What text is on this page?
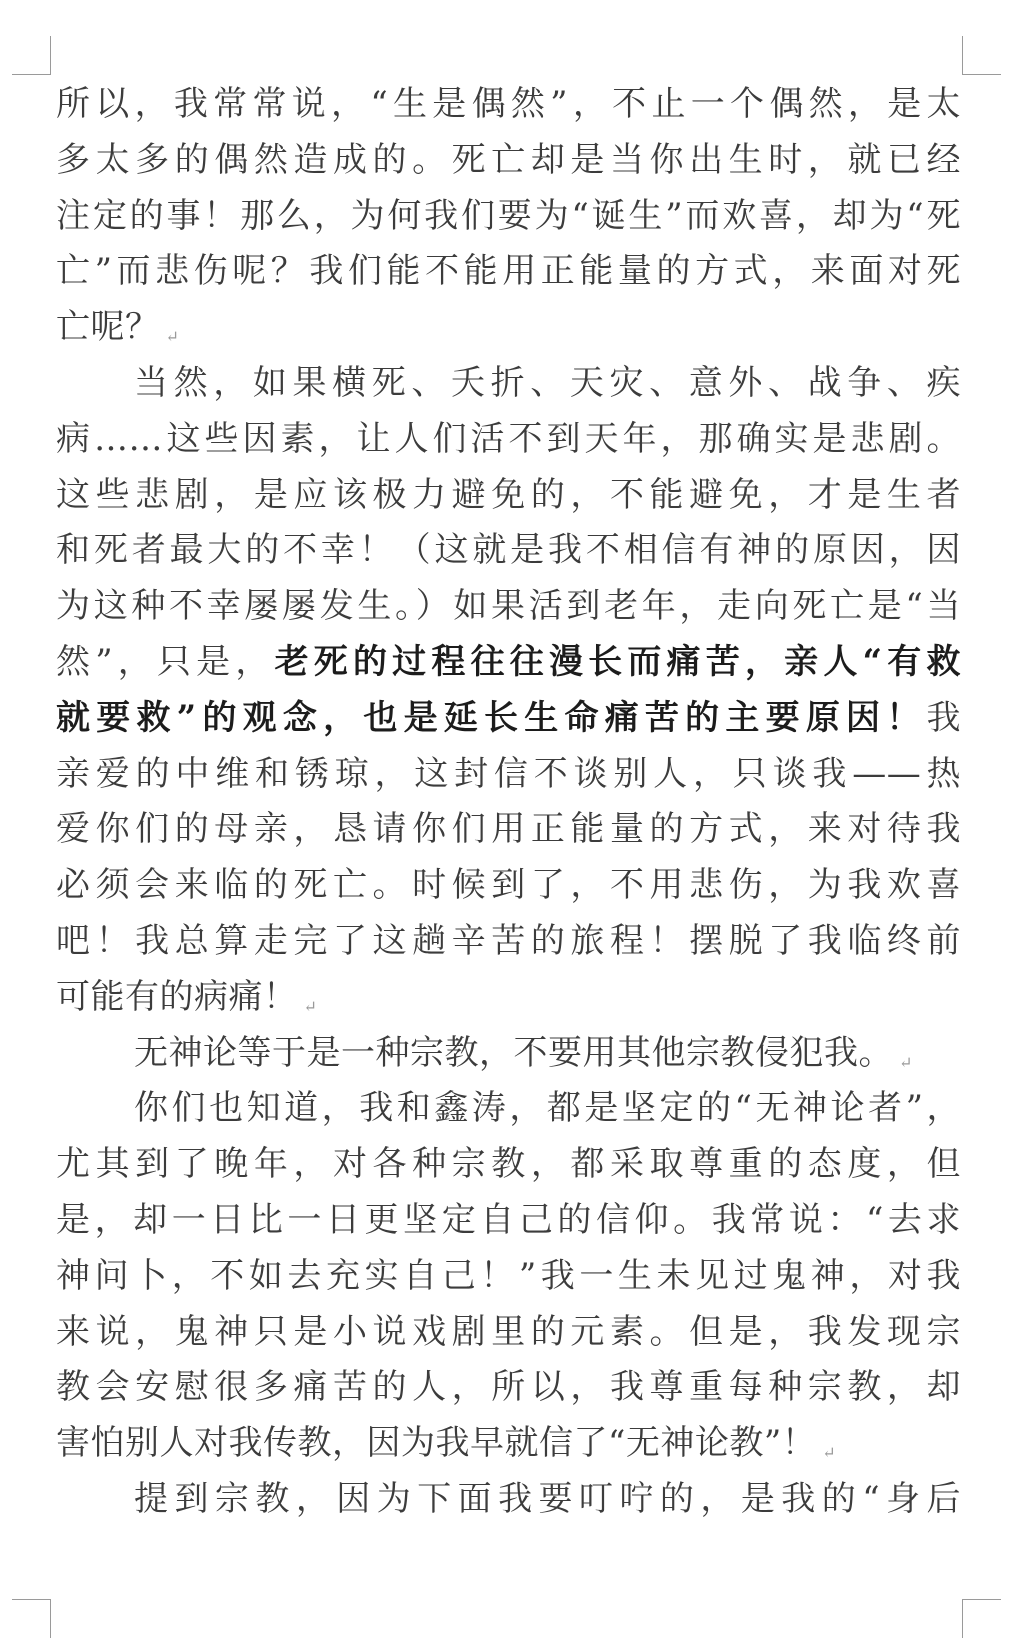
所以，我常常说，“生是偶然”，不止一个偶然，是太
多太多的偶然造成的。死亡却是当你出生时，就已经
注定的事！那么，为何我们要为“诞生”而欢喜，却为“死
亡”而悲伤呢？我们能不能用正能量的方式，来面对死
亡呢？ ↵
当然，如果横死、夭折、天灾、意外、战争、疾
病……这些因素，让人们活不到天年，那确实是悲剧。
这些悲剧，是应该极力避免的，不能避免，才是生者
和死者最大的不幸！（这就是我不相信有神的原因，因
为这种不幸屡屡发生。）如果活到老年，走向死亡是“当
然”，只是，老死的过程往往漫长而痛苦，亲人“有救
就要救”的观念，也是延长生命痛苦的主要原因！我
亲爱的中维和锈琼，这封信不谈别人，只谈我——热
爱你们的母亲，恳请你们用正能量的方式，来对待我
必须会来临的死亡。时候到了，不用悲伤，为我欢喜
吧！我总算走完了这趟辛苦的旅程！摆脱了我临终前
可能有的病痛！ ↵
无神论等于是一种宗教，不要用其他宗教侵犯我。 ↵
你们也知道，我和鑫涛，都是坚定的“无神论者”，
尤其到了晚年，对各种宗教，都采取尊重的态度，但
是，却一日比一日更坚定自己的信仰。我常说：“去求
神问卜，不如去充实自己！”我一生未见过鬼神，对我
来说，鬼神只是小说戏剧里的元素。但是，我发现宗
教会安慰很多痛苦的人，所以，我尊重每种宗教，却
害怕别人对我传教，因为我早就信了“无神论教”！ ↵
提到宗教，因为下面我要叮咛的，是我的“身后
